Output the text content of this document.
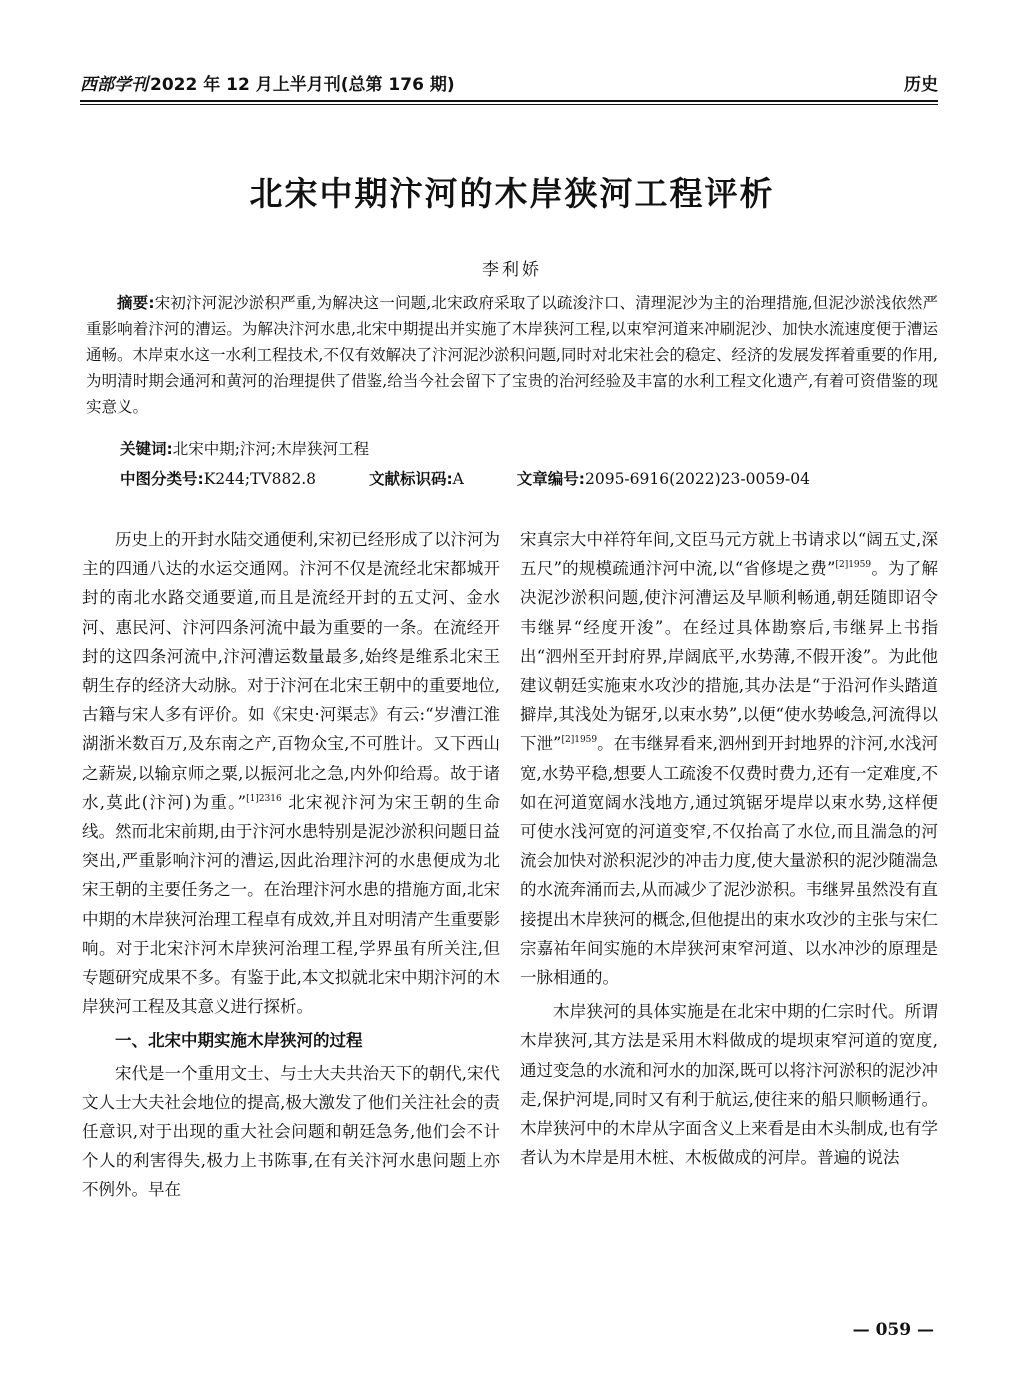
西部学刊 2022 年 12 月上半月刊(总第 176 期)	历史
北宋中期汴河的木岸狭河工程评析
李利娇
摘要:宋初汴河泥沙淤积严重,为解决这一问题,北宋政府采取了以疏浚汴口、清理泥沙为主的治理措施,但泥沙淤浅依然严重影响着汴河的漕运。为解决汴河水患,北宋中期提出并实施了木岸狭河工程,以束窄河道来冲刷泥沙、加快水流速度便于漕运通畅。木岸束水这一水利工程技术,不仅有效解决了汴河泥沙淤积问题,同时对北宋社会的稳定、经济的发展发挥着重要的作用,为明清时期会通河和黄河的治理提供了借鉴,给当今社会留下了宝贵的治河经验及丰富的水利工程文化遗产,有着可资借鉴的现实意义。
关键词:北宋中期;汴河;木岸狭河工程
中图分类号:K244;TV882.8	文献标识码:A	文章编号:2095-6916(2022)23-0059-04

历史上的开封水陆交通便利,宋初已经形成了以汴河为主的四通八达的水运交通网。汴河不仅是流经北宋都城开封的南北水路交通要道,而且是流经开封的五丈河、金水河、惠民河、汴河四条河流中最为重要的一条。在流经开封的这四条河流中,汴河漕运数量最多,始终是维系北宋王朝生存的经济大动脉。对于汴河在北宋王朝中的重要地位,古籍与宋人多有评价。如《宋史·河渠志》有云:“岁漕江淮湖浙米数百万,及东南之产,百物众宝,不可胜计。又下西山之薪炭,以输京师之粟,以振河北之急,内外仰给焉。故于诸水,莫此(汴河)为重。”$^{[1]2316}$ 北宋视汴河为宋王朝的生命线。然而北宋前期,由于汴河水患特别是泥沙淤积问题日益突出,严重影响汴河的漕运,因此治理汴河的水患便成为北宋王朝的主要任务之一。在治理汴河水患的措施方面,北宋中期的木岸狭河治理工程卓有成效,并且对明清产生重要影响。对于北宋汴河木岸狭河治理工程,学界虽有所关注,但专题研究成果不多。有鉴于此,本文拟就北宋中期汴河的木岸狭河工程及其意义进行探析。

一、北宋中期实施木岸狭河的过程

宋代是一个重用文士、与士大夫共治天下的朝代,宋代文人士大夫社会地位的提高,极大激发了他们关注社会的责任意识,对于出现的重大社会问题和朝廷急务,他们会不计个人的利害得失,极力上书陈事,在有关汴河水患问题上亦不例外。早在

宋真宗大中祥符年间,文臣马元方就上书请求以“阔五丈,深五尺”的规模疏通汴河中流,以“省修堤之费”$^{[2]1959}$。为了解决泥沙淤积问题,使汴河漕运及早顺利畅通,朝廷随即诏令韦继昇“经度开浚”。在经过具体勘察后,韦继昇上书指出“泗州至开封府界,岸阔底平,水势薄,不假开浚”。为此他建议朝廷实施束水攻沙的措施,其办法是“于沿河作头踏道擗岸,其浅处为锯牙,以束水势”,以便“使水势峻急,河流得以下泄”$^{[2]1959}$。在韦继昇看来,泗州到开封地界的汴河,水浅河宽,水势平稳,想要人工疏浚不仅费时费力,还有一定难度,不如在河道宽阔水浅地方,通过筑锯牙堤岸以束水势,这样便可使水浅河宽的河道变窄,不仅抬高了水位,而且湍急的河流会加快对淤积泥沙的冲击力度,使大量淤积的泥沙随湍急的水流奔涌而去,从而减少了泥沙淤积。韦继昇虽然没有直接提出木岸狭河的概念,但他提出的束水攻沙的主张与宋仁宗嘉祐年间实施的木岸狭河束窄河道、以水冲沙的原理是一脉相通的。

木岸狭河的具体实施是在北宋中期的仁宗时代。所谓木岸狭河,其方法是采用木料做成的堤坝束窄河道的宽度,通过变急的水流和河水的加深,既可以将汴河淤积的泥沙冲走,保护河堤,同时又有利于航运,使往来的船只顺畅通行。木岸狭河中的木岸从字面含义上来看是由木头制成,也有学者认为木岸是用木桩、木板做成的河岸。普遍的说法

— 059 —
